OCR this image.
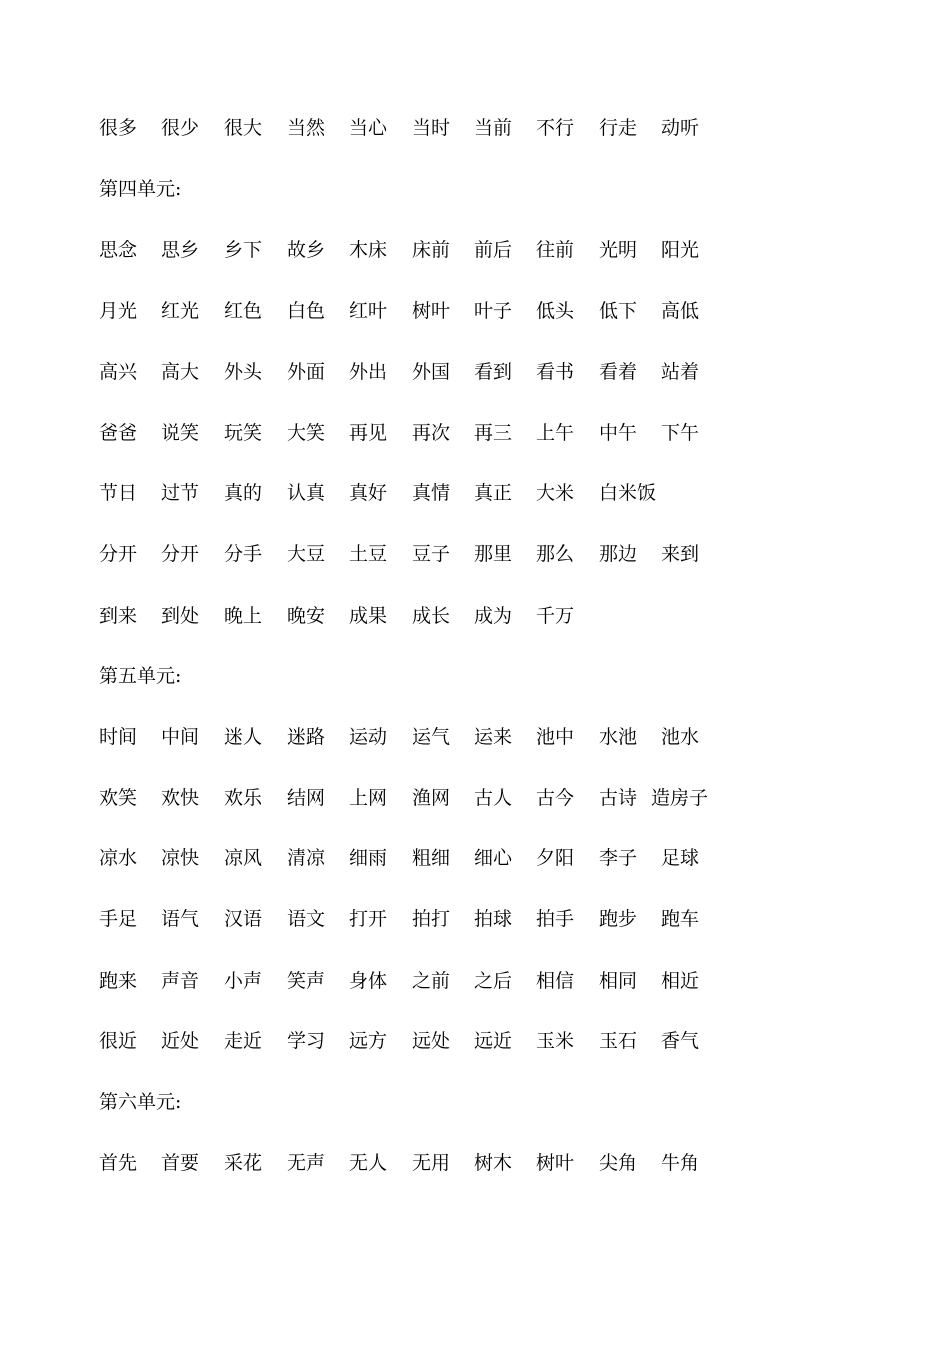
很多 很少 很大 当然 当心 当时 当前 不行 行走 动听
第四单元:
思念 思乡 乡下 故乡 木床 床前 前后 往前 光明 阳光
月光 红光 红色 白色 红叶 树叶 叶子 低头 低下 高低
高兴 高大 外头 外面 外出 外国 看到 看书 看着 站着
爸爸 说笑 玩笑 大笑 再见 再次 再三 上午 中午 下午
节日 过节 真的 认真 真好 真情 真正 大米 白米饭
分开 分开 分手 大豆 土豆 豆子 那里 那么 那边 来到
到来 到处 晚上 晚安 成果 成长 成为 千万
第五单元:
时间 中间 迷人 迷路 运动 运气 运来 池中 水池 池水
欢笑 欢快 欢乐 结网 上网 渔网 古人 古今 古诗 造房子
凉水 凉快 凉风 清凉 细雨 粗细 细心 夕阳 李子 足球
手足 语气 汉语 语文 打开 拍打 拍球 拍手 跑步 跑车
跑来 声音 小声 笑声 身体 之前 之后 相信 相同 相近
很近 近处 走近 学习 远方 远处 远近 玉米 玉石 香气
第六单元:
首先 首要 采花 无声 无人 无用 树木 树叶 尖角 牛角
